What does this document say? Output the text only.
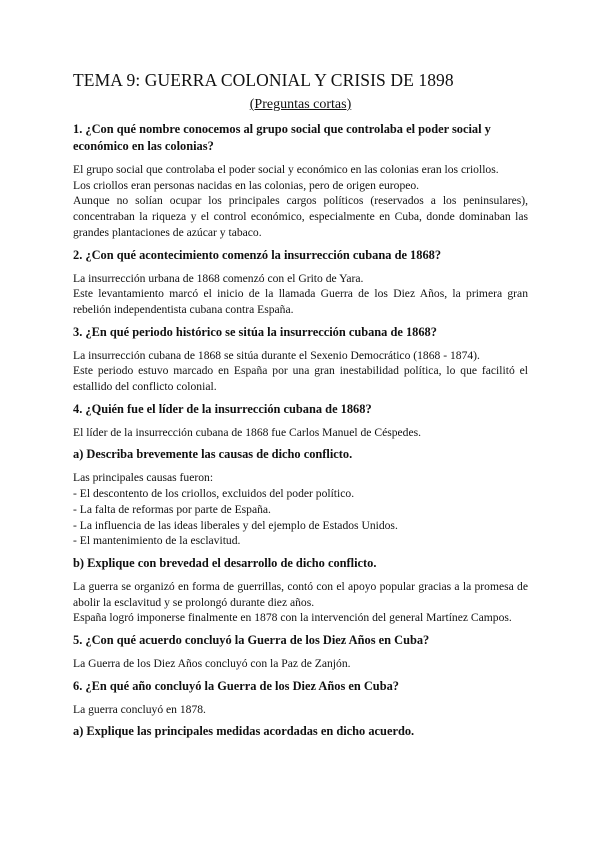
TEMA 9: GUERRA COLONIAL Y CRISIS DE 1898
(Preguntas cortas)
1. ¿Con qué nombre conocemos al grupo social que controlaba el poder social y económico en las colonias?
El grupo social que controlaba el poder social y económico en las colonias eran los criollos.
Los criollos eran personas nacidas en las colonias, pero de origen europeo.
Aunque no solían ocupar los principales cargos políticos (reservados a los peninsulares), concentraban la riqueza y el control económico, especialmente en Cuba, donde dominaban las grandes plantaciones de azúcar y tabaco.
2. ¿Con qué acontecimiento comenzó la insurrección cubana de 1868?
La insurrección urbana de 1868 comenzó con el Grito de Yara.
Este levantamiento marcó el inicio de la llamada Guerra de los Diez Años, la primera gran rebelión independentista cubana contra España.
3. ¿En qué periodo histórico se sitúa la insurrección cubana de 1868?
La insurrección cubana de 1868 se sitúa durante el Sexenio Democrático (1868 - 1874).
Este periodo estuvo marcado en España por una gran inestabilidad política, lo que facilitó el estallido del conflicto colonial.
4. ¿Quién fue el líder de la insurrección cubana de 1868?
El líder de la insurrección cubana de 1868 fue Carlos Manuel de Céspedes.
a) Describa brevemente las causas de dicho conflicto.
Las principales causas fueron:
- El descontento de los criollos, excluidos del poder político.
- La falta de reformas por parte de España.
- La influencia de las ideas liberales y del ejemplo de Estados Unidos.
- El mantenimiento de la esclavitud.
b) Explique con brevedad el desarrollo de dicho conflicto.
La guerra se organizó en forma de guerrillas, contó con el apoyo popular gracias a la promesa de abolir la esclavitud y se prolongó durante diez años.
España logró imponerse finalmente en 1878 con la intervención del general Martínez Campos.
5. ¿Con qué acuerdo concluyó la Guerra de los Diez Años en Cuba?
La Guerra de los Diez Años concluyó con la Paz de Zanjón.
6. ¿En qué año concluyó la Guerra de los Diez Años en Cuba?
La guerra concluyó en 1878.
a) Explique las principales medidas acordadas en dicho acuerdo.
